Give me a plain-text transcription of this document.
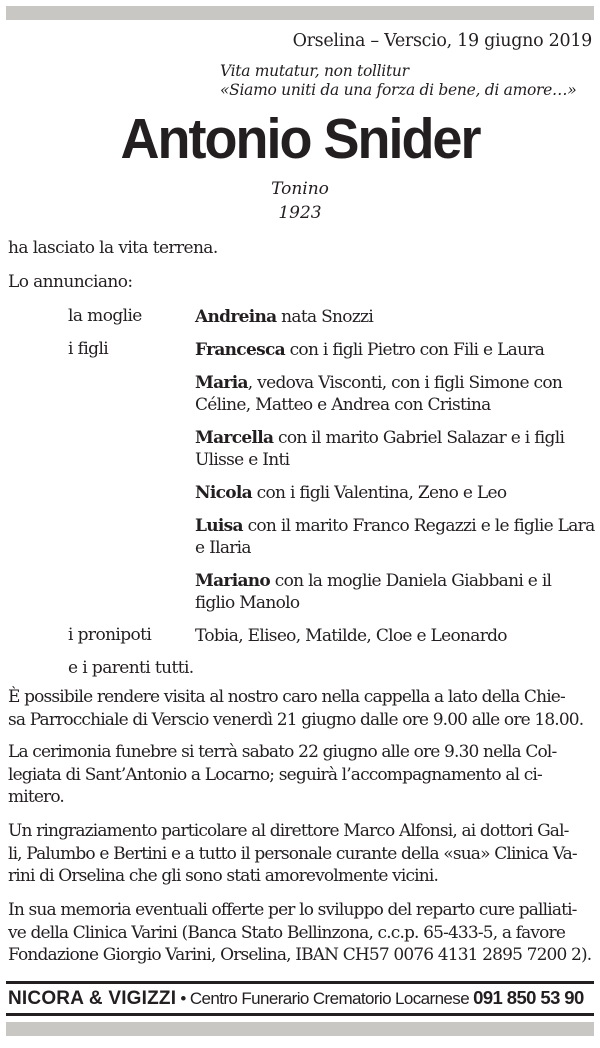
Orselina – Verscio, 19 giugno 2019
Vita mutatur, non tollitur
«Siamo uniti da una forza di bene, di amore…»
Antonio Snider
Tonino
1923
ha lasciato la vita terrena.
Lo annunciano:
la moglie	Andreina nata Snozzi
i figli	Francesca con i figli Pietro con Fili e Laura
Maria, vedova Visconti, con i figli Simone con Céline, Matteo e Andrea con Cristina
Marcella con il marito Gabriel Salazar e i figli Ulisse e Inti
Nicola con i figli Valentina, Zeno e Leo
Luisa con il marito Franco Regazzi e le figlie Lara e Ilaria
Mariano con la moglie Daniela Giabbani e il figlio Manolo
i pronipoti	Tobia, Eliseo, Matilde, Cloe e Leonardo
e i parenti tutti.
È possibile rendere visita al nostro caro nella cappella a lato della Chie-
sa Parrocchiale di Verscio venerdì 21 giugno dalle ore 9.00 alle ore 18.00.
La cerimonia funebre si terrà sabato 22 giugno alle ore 9.30 nella Col-
legiata di Sant’Antonio a Locarno; seguirà l’accompagnamento al ci-
mitero.
Un ringraziamento particolare al direttore Marco Alfonsi, ai dottori Gal-
li, Palumbo e Bertini e a tutto il personale curante della «sua» Clinica Va-
rini di Orselina che gli sono stati amorevolmente vicini.
In sua memoria eventuali offerte per lo sviluppo del reparto cure palliati-
ve della Clinica Varini (Banca Stato Bellinzona, c.c.p. 65-433-5, a favore
Fondazione Giorgio Varini, Orselina, IBAN CH57 0076 4131 2895 7200 2).
NICORA & VIGIZZI • Centro Funerario Crematorio Locarnese 091 850 53 90
